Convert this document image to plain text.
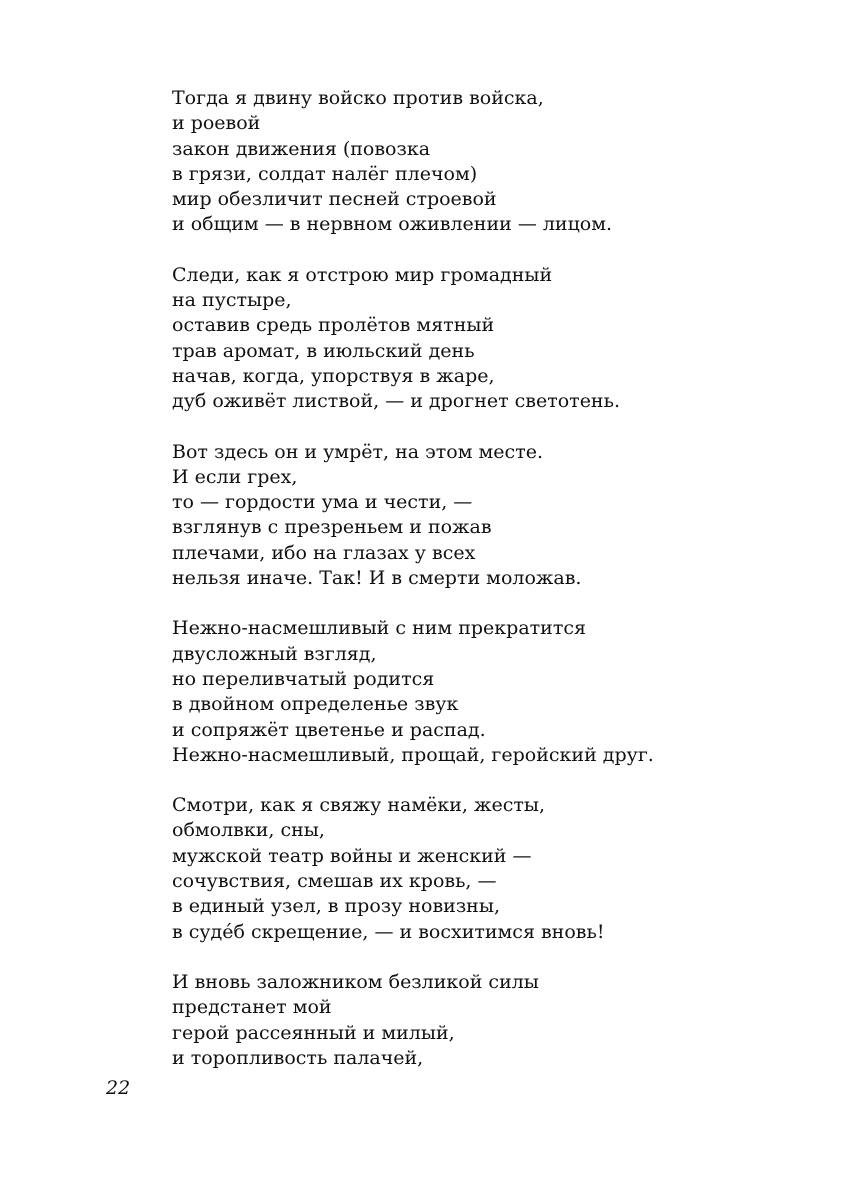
Тогда я двину войско против войска,
и роевой
закон движения (повозка
в грязи, солдат налёг плечом)
мир обезличит песней строевой
и общим — в нервном оживлении — лицом.
Следи, как я отстрою мир громадный
на пустыре,
оставив средь пролётов мятный
трав аромат, в июльский день
начав, когда, упорствуя в жаре,
дуб оживёт листвой, — и дрогнет светотень.
Вот здесь он и умрёт, на этом месте.
И если грех,
то — гордости ума и чести, —
взглянув с презреньем и пожав
плечами, ибо на глазах у всех
нельзя иначе. Так! И в смерти моложав.
Нежно-насмешливый с ним прекратится
двусложный взгляд,
но переливчатый родится
в двойном определенье звук
и сопряжёт цветенье и распад.
Нежно-насмешливый, прощай, геройский друг.
Смотри, как я свяжу намёки, жесты,
обмолвки, сны,
мужской театр войны и женский —
сочувствия, смешав их кровь, —
в единый узел, в прозу новизны,
в судéб скрещение, — и восхитимся вновь!
И вновь заложником безликой силы
предстанет мой
герой рассеянный и милый,
и торопливость палачей,
22
